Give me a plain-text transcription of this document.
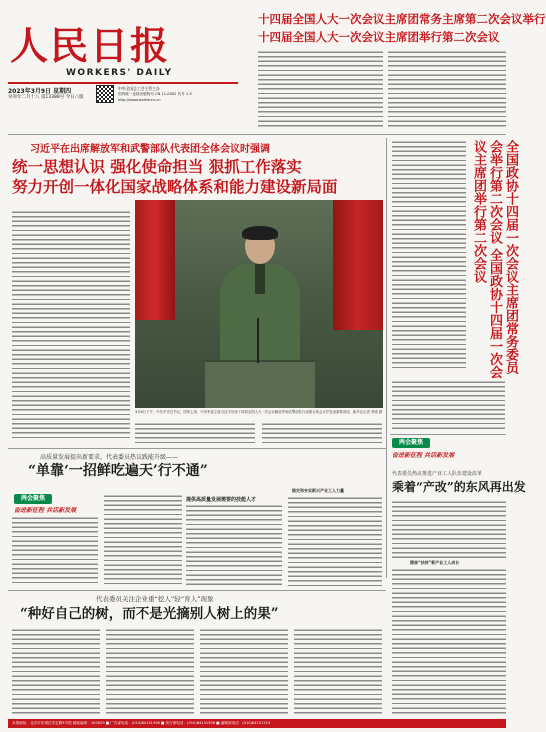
人民日报
WORKERS' DAILY
2023年3月9日 星期四
癸卯年二月十八 第13388号 今日八版
中华全国总工会主管主办
国内统一连续出版物号 CN 11-0002 代号 1-5
http://www.workercn.cn
十四届全国人大一次会议主席团常务主席第二次会议举行
十四届全国人大一次会议主席团举行第二次会议
习近平在出席解放军和武警部队代表团全体会议时强调
统一思想认识 强化使命担当 狠抓工作落实
努力开创一体化国家战略体系和能力建设新局面
3月8日下午，中共中央总书记、国家主席、中央军委主席习近平出席十四届全国人大一次会议解放军和武警部队代表团全体会议并发表重要讲话。新华社记者 李刚 摄
全国政协十四届一次会议主席团常务委员会举行第二次会议 全国政协十四届一次会议主席团举行第二次会议
两会聚焦
奋进新征程 共话新发展
代表委员热议推进产业工人队伍建设改革
乘着“产改”的东风再出发
精准“扶持”新产业工人成长
高质量发展提出新要求，代表委员热议践能升级——
“单靠‘一招鲜吃遍天’行不通”
两会聚焦
奋进新征程 共话新发展
提供高质量发展需要的技能人才
稳定和夯实新兴产业工人力量
代表委员关注企业重“挖人”轻“育人”现象
“种好自己的树，而不是光摘别人树上的果”
本报地址：北京市东城区安定路5号院 邮政编码：100029 ■ 广告部电话：(010)84151598 ■ 发行部电话：(010)84151398 ■ 编辑部电话：(010)84151219
